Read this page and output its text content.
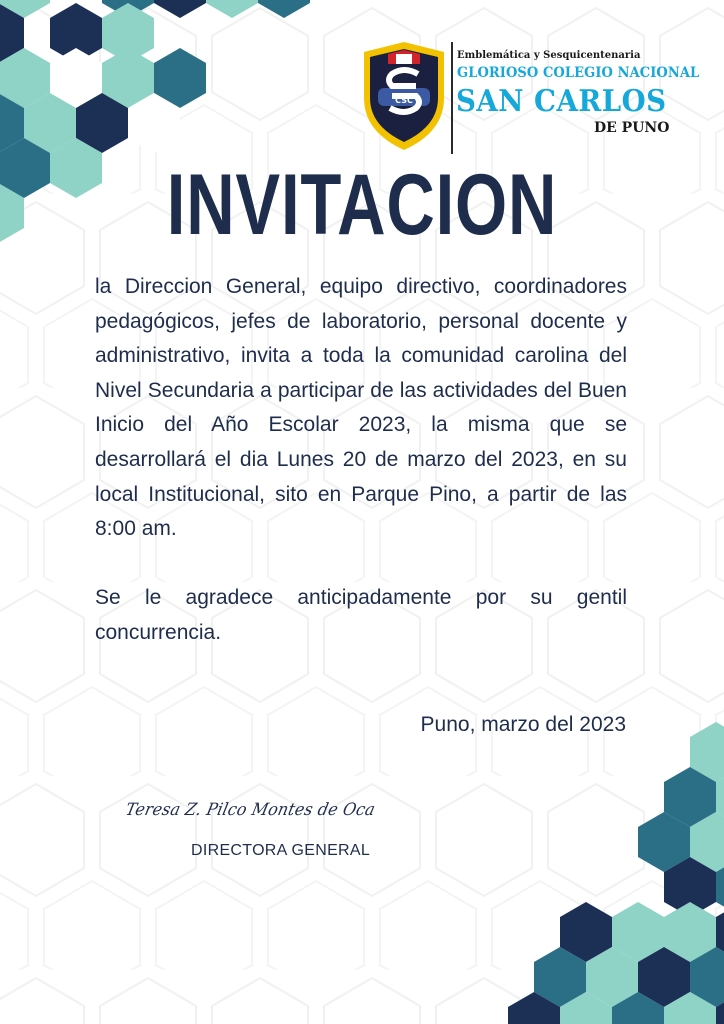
CSC
Emblemática y Sesquicentenaria
GLORIOSO COLEGIO NACIONAL
SAN CARLOS
DE PUNO
INVITACION

la Direccion General, equipo directivo, coordinadores pedagógicos, jefes de laboratorio, personal docente y administrativo, invita a toda la comunidad carolina del Nivel Secundaria a participar de las actividades del Buen Inicio del Año Escolar 2023, la misma que se desarrollará el dia Lunes 20 de marzo del 2023, en su local Institucional, sito en Parque Pino, a partir de las 8:00 am.

Se le agradece anticipadamente por su gentil concurrencia.

Puno, marzo del 2023
Teresa Z. Pilco Montes de Oca
DIRECTORA GENERAL
